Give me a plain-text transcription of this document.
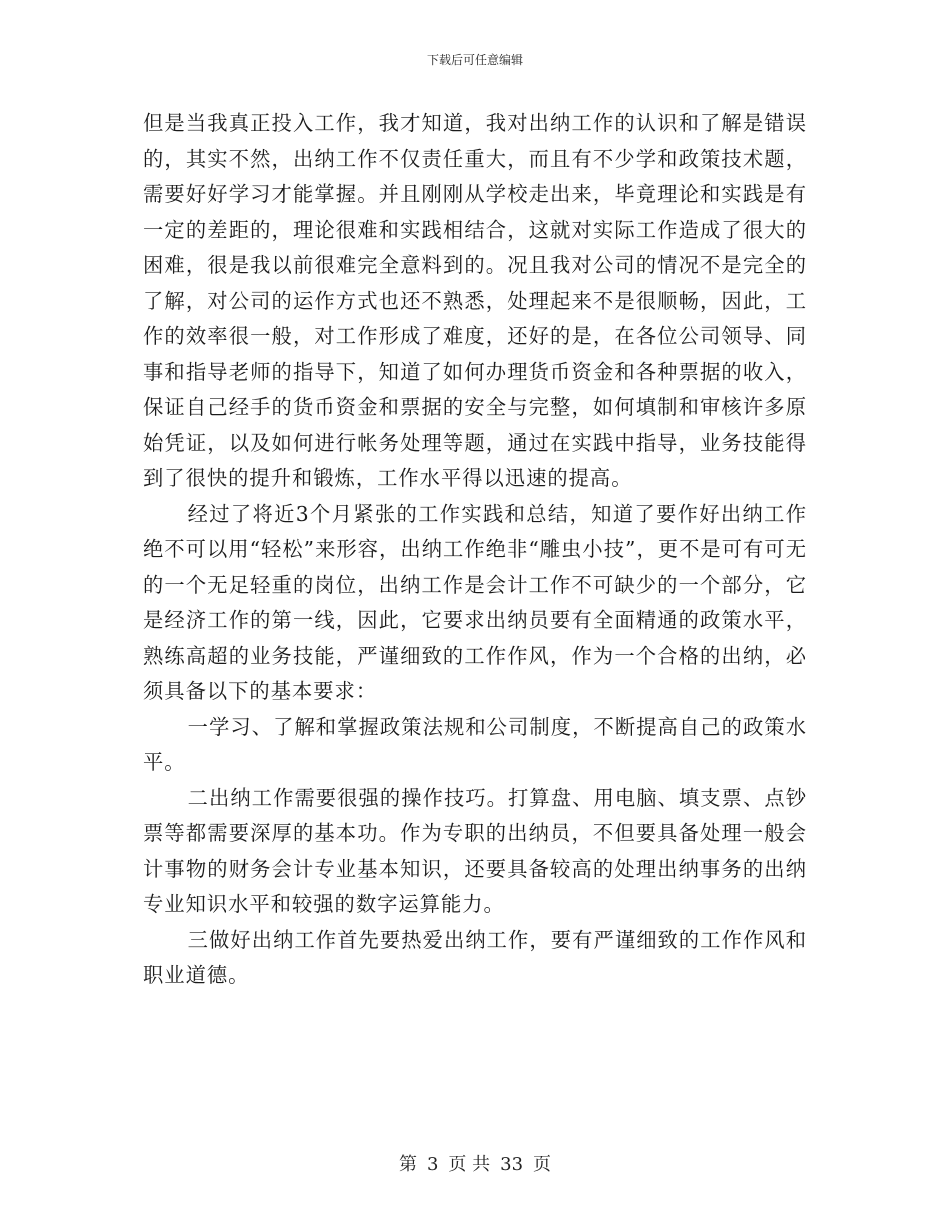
下载后可任意编辑

但是当我真正投入工作，我才知道，我对出纳工作的认识和了解是错误的，其实不然，出纳工作不仅责任重大，而且有不少学和政策技术题，需要好好学习才能掌握。并且刚刚从学校走出来，毕竟理论和实践是有一定的差距的，理论很难和实践相结合，这就对实际工作造成了很大的困难，很是我以前很难完全意料到的。况且我对公司的情况不是完全的了解，对公司的运作方式也还不熟悉，处理起来不是很顺畅，因此，工作的效率很一般，对工作形成了难度，还好的是，在各位公司领导、同事和指导老师的指导下，知道了如何办理货币资金和各种票据的收入，保证自己经手的货币资金和票据的安全与完整，如何填制和审核许多原始凭证，以及如何进行帐务处理等题，通过在实践中指导，业务技能得到了很快的提升和锻炼，工作水平得以迅速的提高。

经过了将近3个月紧张的工作实践和总结，知道了要作好出纳工作绝不可以用“轻松”来形容，出纳工作绝非“雕虫小技”，更不是可有可无的一个无足轻重的岗位，出纳工作是会计工作不可缺少的一个部分，它是经济工作的第一线，因此，它要求出纳员要有全面精通的政策水平，熟练高超的业务技能，严谨细致的工作作风，作为一个合格的出纳，必须具备以下的基本要求：

一学习、了解和掌握政策法规和公司制度，不断提高自己的政策水平。

二出纳工作需要很强的操作技巧。打算盘、用电脑、填支票、点钞票等都需要深厚的基本功。作为专职的出纳员，不但要具备处理一般会计事物的财务会计专业基本知识，还要具备较高的处理出纳事务的出纳专业知识水平和较强的数字运算能力。

三做好出纳工作首先要热爱出纳工作，要有严谨细致的工作作风和职业道德。

第 3 页 共 33 页
